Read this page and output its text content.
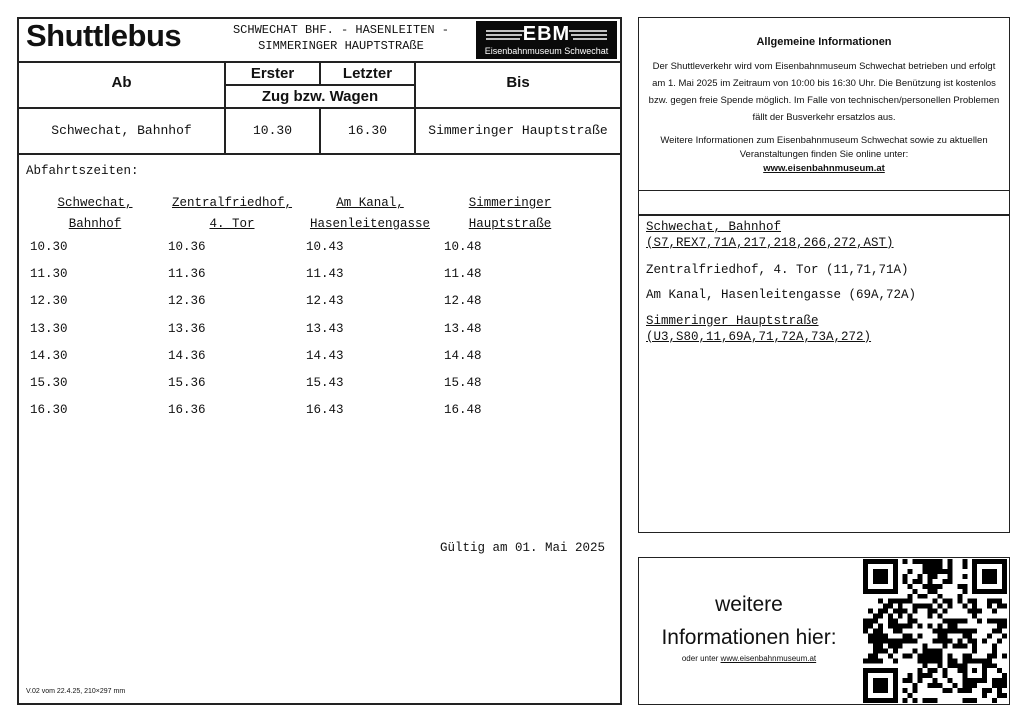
Shuttlebus	SCHWECHAT BHF. - HASENLEITEN -
SIMMERINGER HAUPTSTRAßE
EBM
Eisenbahnmuseum Schwechat
Ab
Erster	Letzter
Zug bzw. Wagen
Bis
Schwechat, Bahnhof	10.30	16.30	Simmeringer Hauptstraße
Abfahrtszeiten:
Schwechat,
Bahnhof
Zentralfriedhof,
4. Tor
Am Kanal,
Hasenleitengasse
Simmeringer
Hauptstraße
10.30	10.36	10.43	10.48
11.30	11.36	11.43	11.48
12.30	12.36	12.43	12.48
13.30	13.36	13.43	13.48
14.30	14.36	14.43	14.48
15.30	15.36	15.43	15.48
16.30	16.36	16.43	16.48
Gültig am 01. Mai 2025
V.02 vom 22.4.25, 210×297 mm
Allgemeine Informationen
Der Shuttleverkehr wird vom Eisenbahnmuseum Schwechat betrieben und erfolgt am 1. Mai 2025 im Zeitraum von 10:00 bis 16:30 Uhr. Die Benützung ist kostenlos bzw. gegen freie Spende möglich. Im Falle von technischen/personellen Problemen fällt der Busverkehr ersatzlos aus.
Weitere Informationen zum Eisenbahnmuseum Schwechat sowie zu aktuellen Veranstaltungen finden Sie online unter:
www.eisenbahnmuseum.at
Schwechat, Bahnhof
(S7,REX7,71A,217,218,266,272,AST)
Zentralfriedhof, 4. Tor (11,71,71A)
Am Kanal, Hasenleitengasse (69A,72A)
Simmeringer Hauptstraße
(U3,S80,11,69A,71,72A,73A,272)
weitere
Informationen hier:
oder unter www.eisenbahnmuseum.at
